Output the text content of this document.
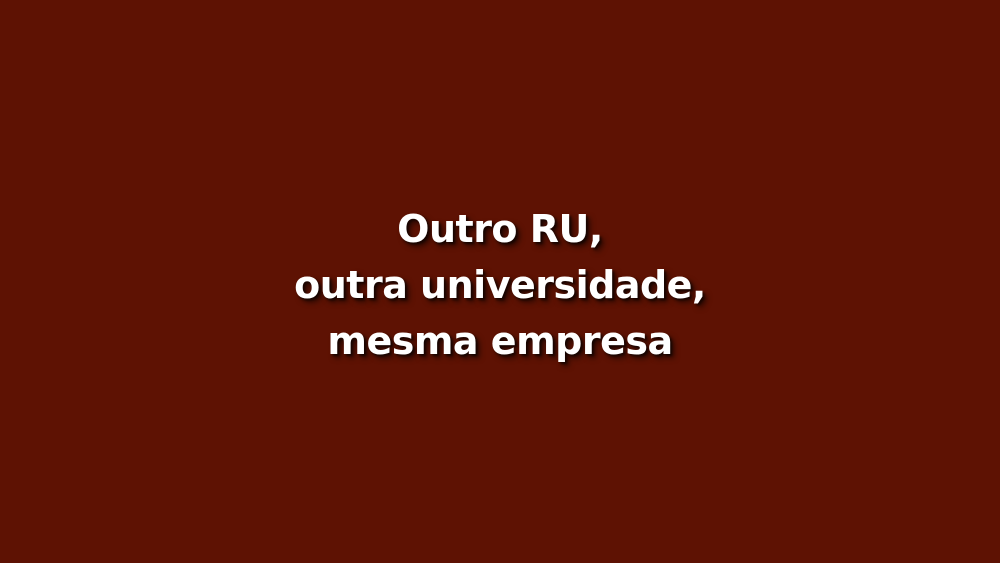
Outro RU,
outra universidade,
mesma empresa
